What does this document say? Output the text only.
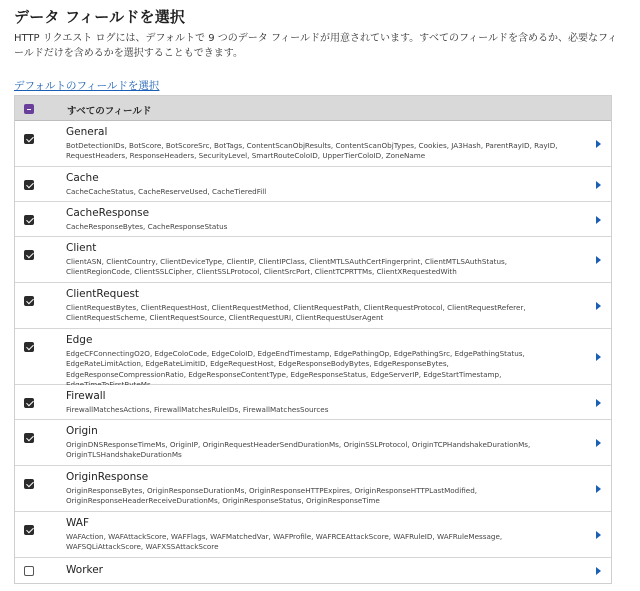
データ フィールドを選択
HTTP リクエスト ログには、デフォルトで 9 つのデータ フィールドが用意されています。すべてのフィールドを含めるか、必要なフィールドだけを含めるかを選択することもできます。
デフォルトのフィールドを選択
すべてのフィールド
General
BotDetectionIDs, BotScore, BotScoreSrc, BotTags, ContentScanObjResults, ContentScanObjTypes, Cookies, JA3Hash, ParentRayID, RayID, RequestHeaders, ResponseHeaders, SecurityLevel, SmartRouteColoID, UpperTierColoID, ZoneName
Cache
CacheCacheStatus, CacheReserveUsed, CacheTieredFill
CacheResponse
CacheResponseBytes, CacheResponseStatus
Client
ClientASN, ClientCountry, ClientDeviceType, ClientIP, ClientIPClass, ClientMTLSAuthCertFingerprint, ClientMTLSAuthStatus, ClientRegionCode, ClientSSLCipher, ClientSSLProtocol, ClientSrcPort, ClientTCPRTTMs, ClientXRequestedWith
ClientRequest
ClientRequestBytes, ClientRequestHost, ClientRequestMethod, ClientRequestPath, ClientRequestProtocol, ClientRequestReferer, ClientRequestScheme, ClientRequestSource, ClientRequestURI, ClientRequestUserAgent
Edge
EdgeCFConnectingO2O, EdgeColoCode, EdgeColoID, EdgeEndTimestamp, EdgePathingOp, EdgePathingSrc, EdgePathingStatus, EdgeRateLimitAction, EdgeRateLimitID, EdgeRequestHost, EdgeResponseBodyBytes, EdgeResponseBytes, EdgeResponseCompressionRatio, EdgeResponseContentType, EdgeResponseStatus, EdgeServerIP, EdgeStartTimestamp,
Firewall
FirewallMatchesActions, FirewallMatchesRuleIDs, FirewallMatchesSources
Origin
OriginDNSResponseTimeMs, OriginIP, OriginRequestHeaderSendDurationMs, OriginSSLProtocol, OriginTCPHandshakeDurationMs, OriginTLSHandshakeDurationMs
OriginResponse
OriginResponseBytes, OriginResponseDurationMs, OriginResponseHTTPExpires, OriginResponseHTTPLastModified, OriginResponseHeaderReceiveDurationMs, OriginResponseStatus, OriginResponseTime
WAF
WAFAction, WAFAttackScore, WAFFlags, WAFMatchedVar, WAFProfile, WAFRCEAttackScore, WAFRuleID, WAFRuleMessage, WAFSQLiAttackScore, WAFXSSAttackScore
Worker
